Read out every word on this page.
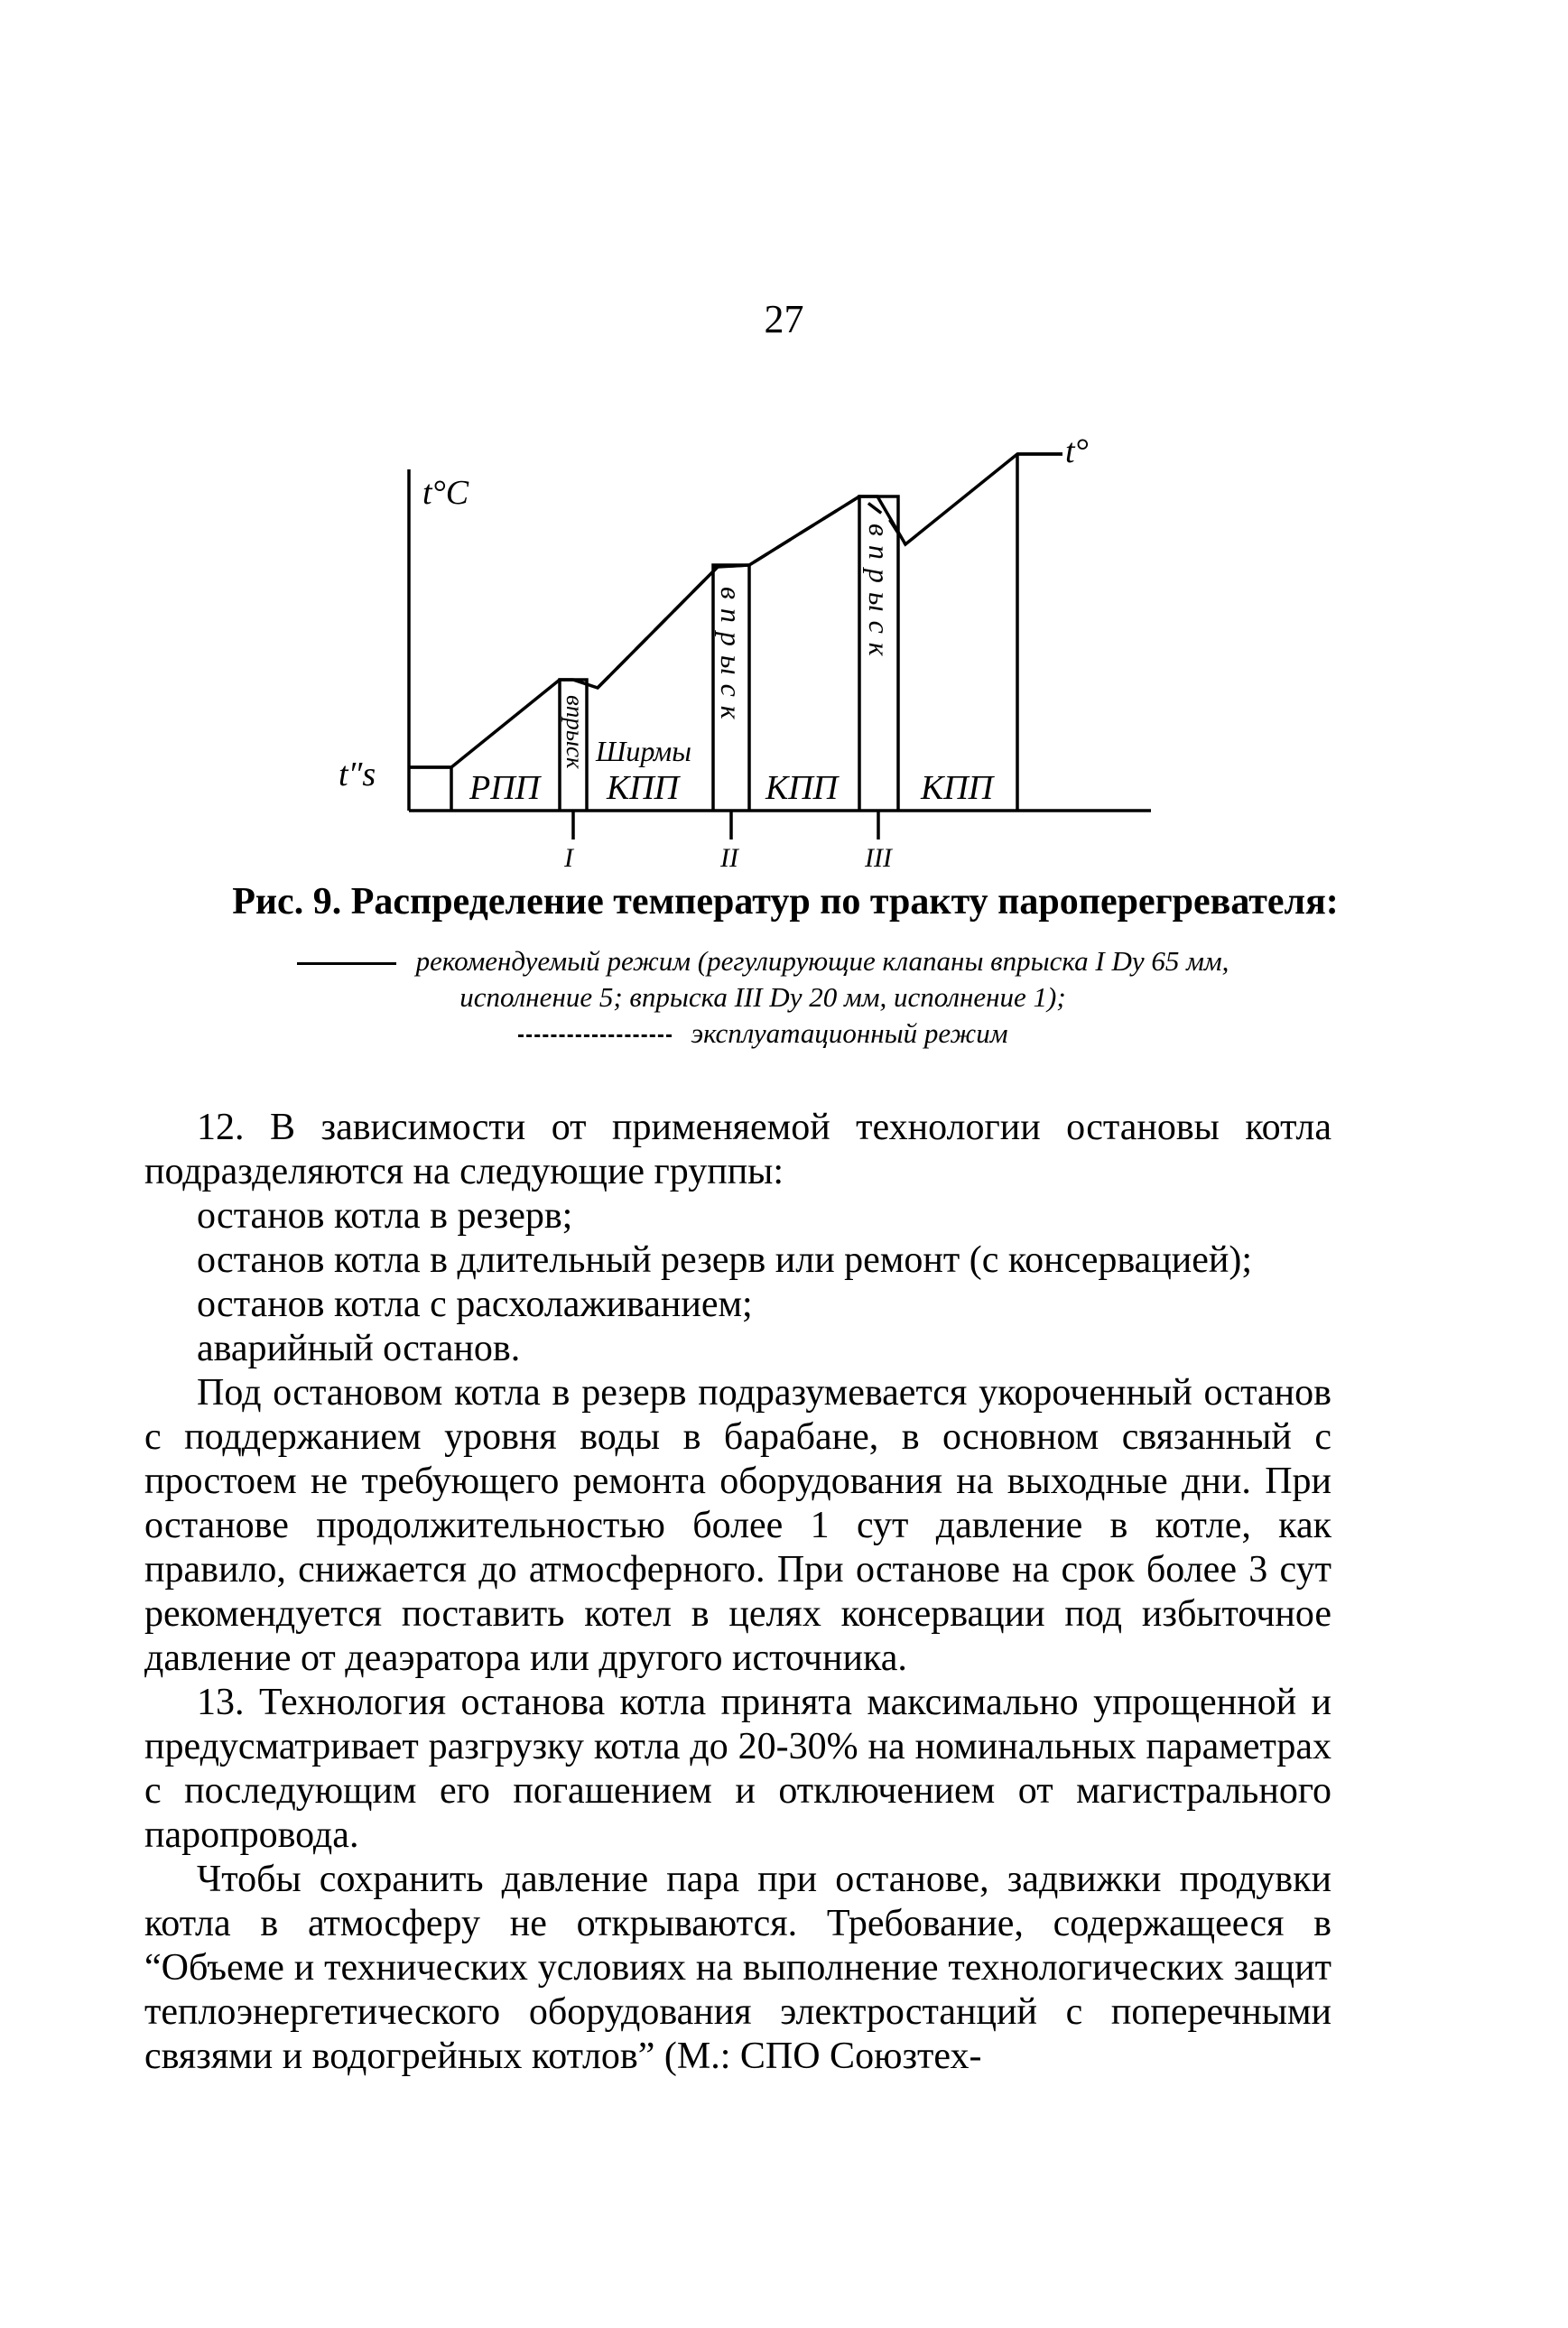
27
t°C
t″s
t°
РПП
Ширмы
КПП	КПП КПП
I	II	III
впрыск
впрыск	впрыск
Рис. 9. Распределение температур по тракту пароперегревателя:
рекомендуемый режим (регулирующие клапаны впрыска I Dу 65 мм,
исполнение 5; впрыска III Dу 20 мм, исполнение 1);
эксплуатационный режим

12. В зависимости от применяемой технологии остановы котла подразделяются на следующие группы:

останов котла в резерв;

останов котла в длительный резерв или ремонт (с консервацией);

останов котла с расхолаживанием;

аварийный останов.

Под остановом котла в резерв подразумевается укороченный останов с поддержанием уровня воды в барабане, в основном связанный с простоем не требующего ремонта оборудования на выходные дни. При останове продолжительностью более 1 сут давление в котле, как правило, снижается до атмосферного. При останове на срок более 3 сут рекомендуется поставить котел в целях консервации под избыточное давление от деаэратора или другого источника.

13. Технология останова котла принята максимально упрощенной и предусматривает разгрузку котла до 20-30% на номинальных параметрах с последующим его погашением и отключением от магистрального паропровода.

Чтобы сохранить давление пара при останове, задвижки продувки котла в атмосферу не открываются. Требование, содержащееся в “Объеме и технических условиях на выполнение технологических защит теплоэнергетического оборудования электростанций с поперечными связями и водогрейных котлов” (М.: СПО Союзтех-
